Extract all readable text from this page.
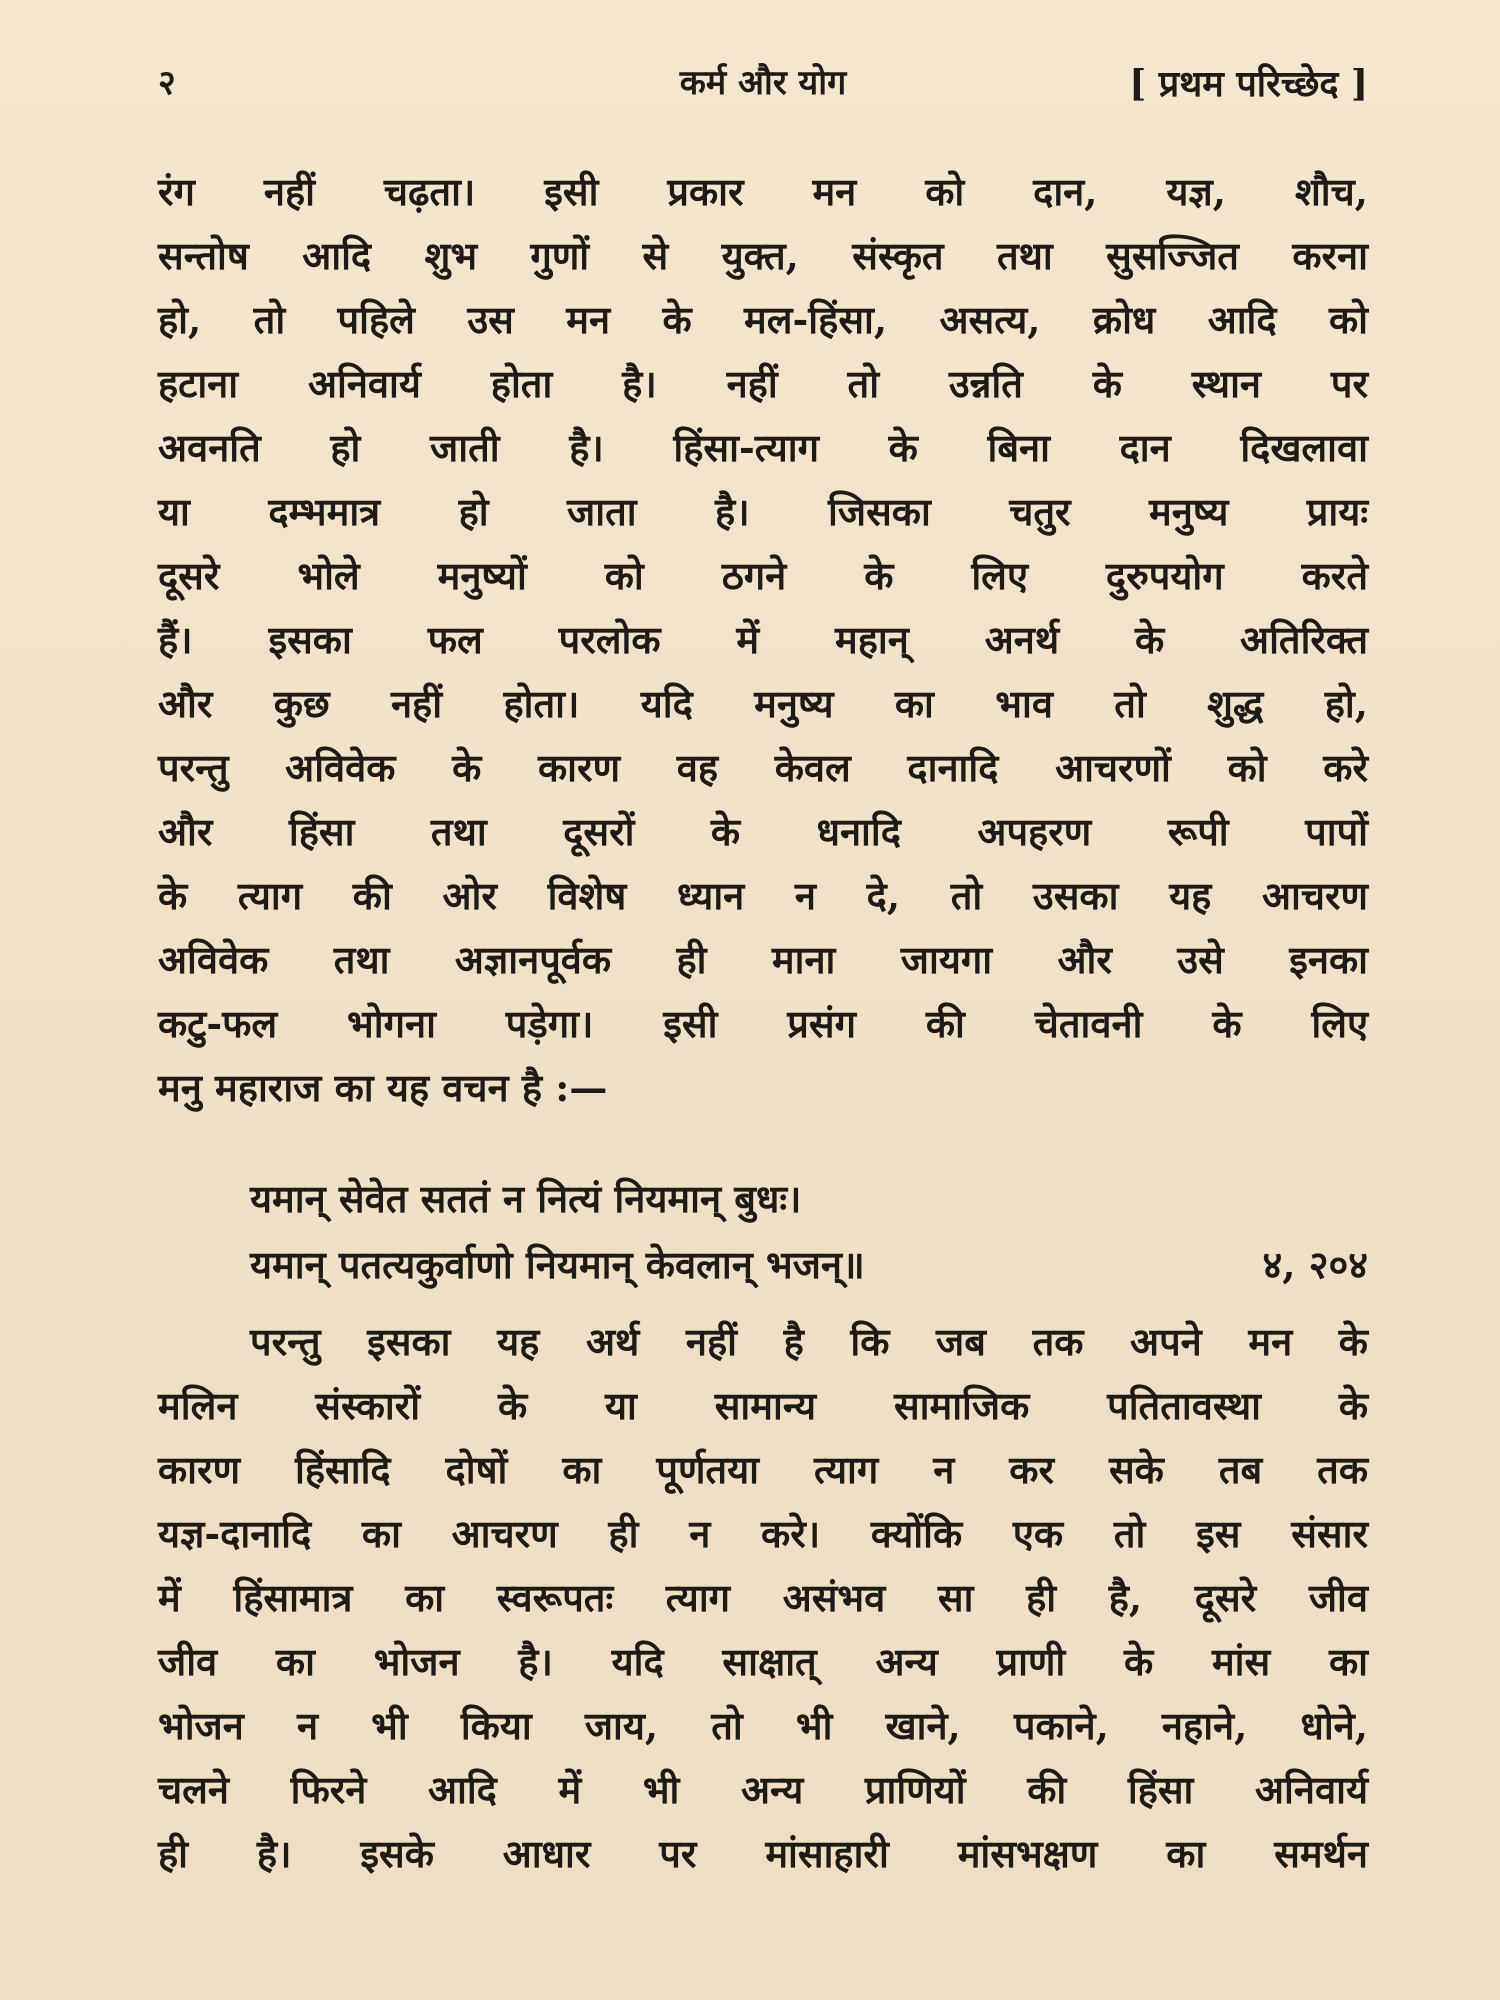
२	कर्म और योग	[ प्रथम परिच्छेद ]
रंग नहीं चढ़ता। इसी प्रकार मन को दान, यज्ञ, शौच,
सन्तोष आदि शुभ गुणों से युक्त, संस्कृत तथा सुसज्जित करना
हो, तो पहिले उस मन के मल-हिंसा, असत्य, क्रोध आदि को
हटाना अनिवार्य होता है। नहीं तो उन्नति के स्थान पर
अवनति हो जाती है। हिंसा-त्याग के बिना दान दिखलावा
या दम्भमात्र हो जाता है। जिसका चतुर मनुष्य प्रायः
दूसरे भोले मनुष्यों को ठगने के लिए दुरुपयोग करते
हैं। इसका फल परलोक में महान् अनर्थ के अतिरिक्त
और कुछ नहीं होता। यदि मनुष्य का भाव तो शुद्ध हो,
परन्तु अविवेक के कारण वह केवल दानादि आचरणों को करे
और हिंसा तथा दूसरों के धनादि अपहरण रूपी पापों
के त्याग की ओर विशेष ध्यान न दे, तो उसका यह आचरण
अविवेक तथा अज्ञानपूर्वक ही माना जायगा और उसे इनका
कटु-फल भोगना पड़ेगा। इसी प्रसंग की चेतावनी के लिए
मनु महाराज का यह वचन है :—
यमान् सेवेत सततं न नित्यं नियमान् बुधः।
यमान् पतत्यकुर्वाणो नियमान् केवलान् भजन्॥	४, २०४
परन्तु इसका यह अर्थ नहीं है कि जब तक अपने मन के
मलिन संस्कारों के या सामान्य सामाजिक पतितावस्था के
कारण हिंसादि दोषों का पूर्णतया त्याग न कर सके तब तक
यज्ञ-दानादि का आचरण ही न करे। क्योंकि एक तो इस संसार
में हिंसामात्र का स्वरूपतः त्याग असंभव सा ही है, दूसरे जीव
जीव का भोजन है। यदि साक्षात् अन्य प्राणी के मांस का
भोजन न भी किया जाय, तो भी खाने, पकाने, नहाने, धोने,
चलने फिरने आदि में भी अन्य प्राणियों की हिंसा अनिवार्य
ही है। इसके आधार पर मांसाहारी मांसभक्षण का समर्थन
